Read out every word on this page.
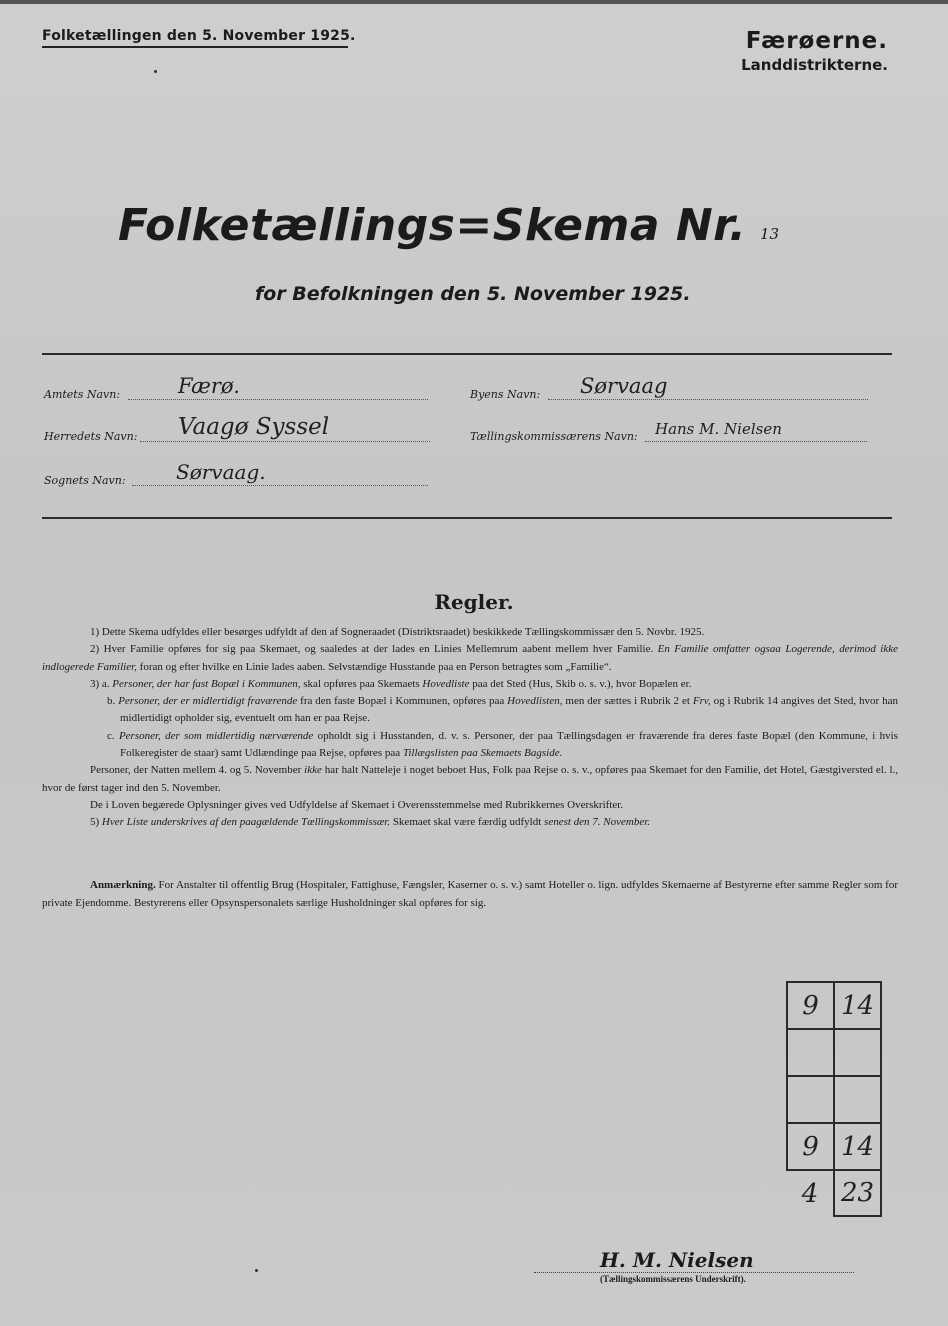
Folketællingen den 5. November 1925.	Færøerne.
Landdistrikterne.
Folketællings=Skema Nr. 13
for Befolkningen den 5. November 1925.
Amtets Navn:	Færø.	Byens Navn: Sørvaag
Herredets Navn: Vaagø Syssel	Tællingskommissærens Navn: Hans M. Nielsen
Sognets Navn:	Sørvaag.
Regler.

1) Dette Skema udfyldes eller besørges udfyldt af den af Sogneraadet (Distriktsraadet) beskikkede Tællingskommissær den 5. Novbr. 1925.

2) Hver Familie opføres for sig paa Skemaet, og saaledes at der lades en Linies Mellemrum aabent mellem hver Familie. En Familie omfatter ogsaa Logerende, derimod ikke indlogerede Familier, foran og efter hvilke en Linie lades aaben. Selvstændige Husstande paa en Person betragtes som „Familie“.

3) a. Personer, der har fast Bopæl i Kommunen, skal opføres paa Skemaets Hovedliste paa det Sted (Hus, Skib o. s. v.), hvor Bopælen er.

b. Personer, der er midlertidigt fraværende fra den faste Bopæl i Kommunen, opføres paa Hovedlisten, men der sættes i Rubrik 2 et Frv, og i Rubrik 14 angives det Sted, hvor han midlertidigt opholder sig, eventuelt om han er paa Rejse.

c. Personer, der som midlertidig nærværende opholdt sig i Husstanden, d. v. s. Personer, der paa Tællingsdagen er fraværende fra deres faste Bopæl (den Kommune, i hvis Folkeregister de staar) samt Udlændinge paa Rejse, opføres paa Tillægslisten paa Skemaets Bagside.

Personer, der Natten mellem 4. og 5. November ikke har halt Natteleje i noget beboet Hus, Folk paa Rejse o. s. v., opføres paa Skemaet for den Familie, det Hotel, Gæstgiversted el. l., hvor de først tager ind den 5. November.

De i Loven begærede Oplysninger gives ved Udfyldelse af Skemaet i Overensstemmelse med Rubrikkernes Overskrifter.

5) Hver Liste underskrives af den paagældende Tællingskommissær. Skemaet skal være færdig udfyldt senest den 7. November.

Anmærkning. For Anstalter til offentlig Brug (Hospitaler, Fattighuse, Fængsler, Kaserner o. s. v.) samt Hoteller o. lign. udfyldes Skemaerne af Bestyrerne efter samme Regler som for private Ejendomme. Bestyrerens eller Opsynspersonalets særlige Husholdninger skal opføres for sig.
9	14

9	14
4	23
H. M. Nielsen
(Tællingskommissærens Underskrift).
